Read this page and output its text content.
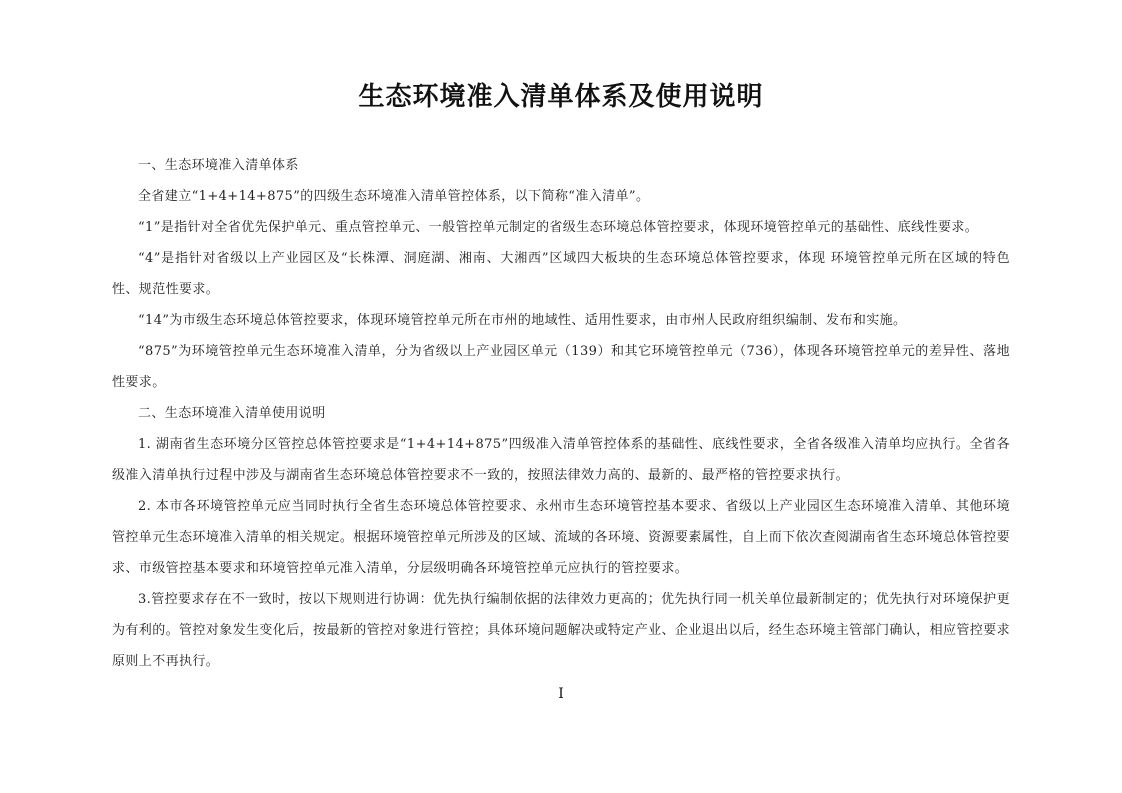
生态环境准入清单体系及使用说明

一、生态环境准入清单体系

全省建立“1+4+14+875”的四级生态环境准入清单管控体系，以下简称“准入清单”。

“1”是指针对全省优先保护单元、重点管控单元、一般管控单元制定的省级生态环境总体管控要求，体现环境管控单元的基础性、底线性要求。

“4”是指针对省级以上产业园区及“长株潭、洞庭湖、湘南、大湘西”区域四大板块的生态环境总体管控要求，体现 环境管控单元所在区域的特色性、规范性要求。

“14”为市级生态环境总体管控要求，体现环境管控单元所在市州的地域性、适用性要求，由市州人民政府组织编制、发布和实施。

“875”为环境管控单元生态环境准入清单，分为省级以上产业园区单元（139）和其它环境管控单元（736），体现各环境管控单元的差异性、落地性要求。

二、生态环境准入清单使用说明

1. 湖南省生态环境分区管控总体管控要求是“1+4+14+875”四级准入清单管控体系的基础性、底线性要求，全省各级准入清单均应执行。全省各级准入清单执行过程中涉及与湖南省生态环境总体管控要求不一致的，按照法律效力高的、最新的、最严格的管控要求执行。

2. 本市各环境管控单元应当同时执行全省生态环境总体管控要求、永州市生态环境管控基本要求、省级以上产业园区生态环境准入清单、其他环境管控单元生态环境准入清单的相关规定。根据环境管控单元所涉及的区域、流域的各环境、资源要素属性，自上而下依次查阅湖南省生态环境总体管控要求、市级管控基本要求和环境管控单元准入清单，分层级明确各环境管控单元应执行的管控要求。

3.管控要求存在不一致时，按以下规则进行协调：优先执行编制依据的法律效力更高的；优先执行同一机关单位最新制定的；优先执行对环境保护更为有利的。管控对象发生变化后，按最新的管控对象进行管控；具体环境问题解决或特定产业、企业退出以后，经生态环境主管部门确认，相应管控要求原则上不再执行。

I
